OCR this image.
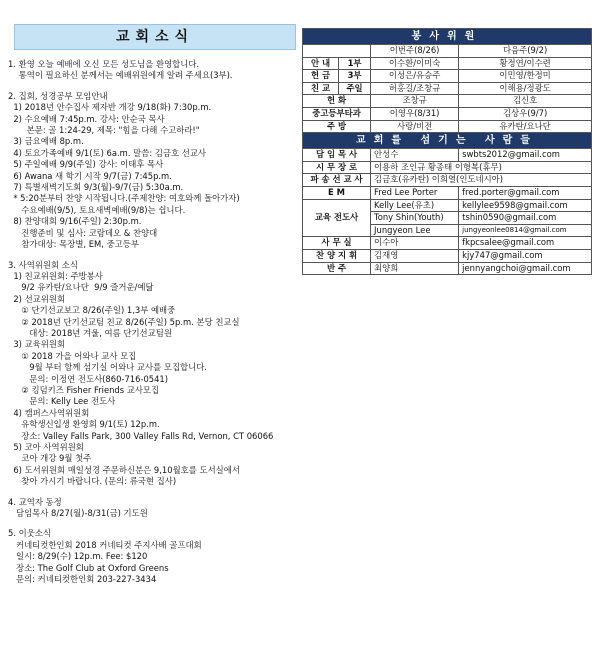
교회소식
1. 환영 오늘 예배에 오신 모든 성도님을 환영합니다.
통역이 필요하신 분께서는 예배위원에게 알려 주세요(3부).
2. 집회, 성경공부 모임안내
1) 2018년 안수집사 제자반 개강 9/18(화) 7:30p.m.
2) 수요예배 7:45p.m. 강사: 안순국 목사
본문: 골 1:24-29, 제목: "힘을 다해 수고하라!"
3) 금요예배 8p.m.
4) 토요가족예배 9/1(토) 6a.m. 말씀: 김금호 선교사
5) 주일예배 9/9(주일) 강사: 이태후 목사
6) Awana 새 학기 시작 9/7(금) 7:45p.m.
7) 특별새벽기도회 9/3(월)-9/7(금) 5:30a.m.
* 5:20분부터 찬양 시작됩니다.(주제찬양: 여호와께 돌아가자)
수요예배(9/5), 토요새벽예배(9/8)는 쉽니다.
8) 찬양대회 9/16(주일) 2:30p.m.
진행준비 및 심사: 코람데오 & 찬양대
참가대상: 목장별, EM, 중고등부
3. 사역위원회 소식
1) 친교위원회: 주방봉사
9/2 유카탄/요나단  9/9 즐거운/예닮
2) 선교위원회
① 단기선교보고 8/26(주일) 1,3부 예배중
② 2018년 단기선교팀 친교 8/26(주일) 5p.m. 본당 친교실
대상: 2018년 겨울, 여름 단기선교팀원
3) 교육위원회
① 2018 가을 어와나 교사 모집
9월 부터 함께 섬기실 어와나 교사를 모집합니다.
문의: 이정연 전도사(860-716-0541)
② 킹덤키즈 Fisher Friends 교사모집
문의: Kelly Lee 전도사
4) 캠퍼스사역위원회
유학생신입생 환영회 9/1(토) 12p.m.
장소: Valley Falls Park, 300 Valley Falls Rd, Vernon, CT 06066
5) 코아 사역위원회
코아 개강 9월 첫주
6) 도서위원회 매일성경 주문하신분은 9,10월호를 도서실에서
찾아 가시기 바랍니다. (문의: 류국현 집사)
4. 교역자 동정
담임목사 8/27(월)-8/31(금) 기도원
5. 이웃소식
커네티컷한인회 2018 커네티컷 주지사배 골프대회
일시: 8/29(수) 12p.m. Fee: $120
장소: The Golf Club at Oxford Greens
문의: 커네티컷한인회 203-227-3434
봉사위원			
		이번주(8/26)	다음주(9/2)
안 내	1부	이수환/이미숙	황정연/이수련
헌 금	3부	이성은/유승주	이민영/한정미
친 교	주일	허홍길/조창규	이해용/정광도
헌 화		조창규	김신호
중고등부타과		이영우(8/31)	김상우(9/7)
주 방		사랑/비전	유카탄/요나단
교회를 섬기는 사람들			
담 임 목 사		안성수	swbts2012@gmail.com
시 무 장 로		이용하 조인규 황종태 이형복(휴무)	
파 송 선 교 사		김금호(유카탄) 이희열(인도네시아)	
E M		Fred Lee Porter	fred.porter@gmail.com
교육 전도사		Kelly Lee(유초)	kellylee9598@gmail.com
		Tony Shin(Youth)	tshin0590@gmail.com
		Jungyeon Lee	jungyeonlee0814@gmail.com
사 무 실		이수아	fkpcsalee@gmail.com
찬 양 지 휘		김재영	kjy747@gmail.com
반 주		최양희	jennyangchoi@gmail.com
